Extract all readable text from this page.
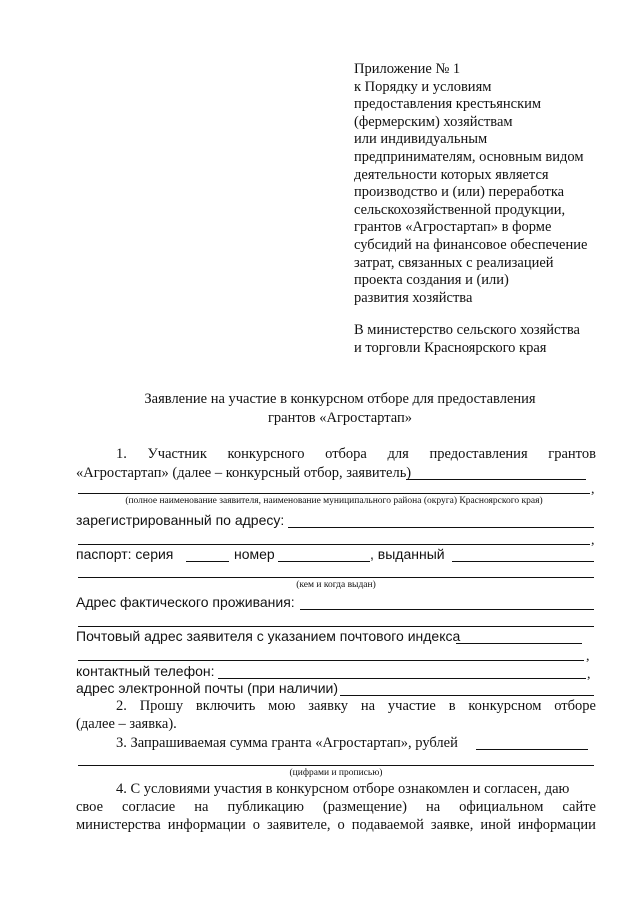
Приложение № 1
к Порядку и условиям
предоставления крестьянским
(фермерским) хозяйствам
или индивидуальным
предпринимателям, основным видом
деятельности которых является
производство и (или) переработка
сельскохозяйственной продукции,
грантов «Агростартап» в форме
субсидий на финансовое обеспечение
затрат, связанных с реализацией
проекта создания и (или)
развития хозяйства
В министерство сельского хозяйства
и торговли Красноярского края
Заявление на участие в конкурсном отборе для предоставления
грантов «Агростартап»
1. Участник конкурсного отбора для предоставления грантов
«Агростартап» (далее – конкурсный отбор, заявитель)
,
(полное наименование заявителя, наименование муниципального района (округа) Красноярского края)
зарегистрированный по адресу:
,
паспорт: серия	номер	, выданный
(кем и когда выдан)
Адрес фактического проживания:
Почтовый адрес заявителя с указанием почтового индекса
,
контактный телефон:	,
адрес электронной почты (при наличии)
2. Прошу включить мою заявку на участие в конкурсном отборе
(далее – заявка).
3. Запрашиваемая сумма гранта «Агростартап», рублей
(цифрами и прописью)
4. С условиями участия в конкурсном отборе ознакомлен и согласен, даю
свое согласие на публикацию (размещение) на официальном сайте
министерства информации о заявителе, о подаваемой заявке, иной информации
